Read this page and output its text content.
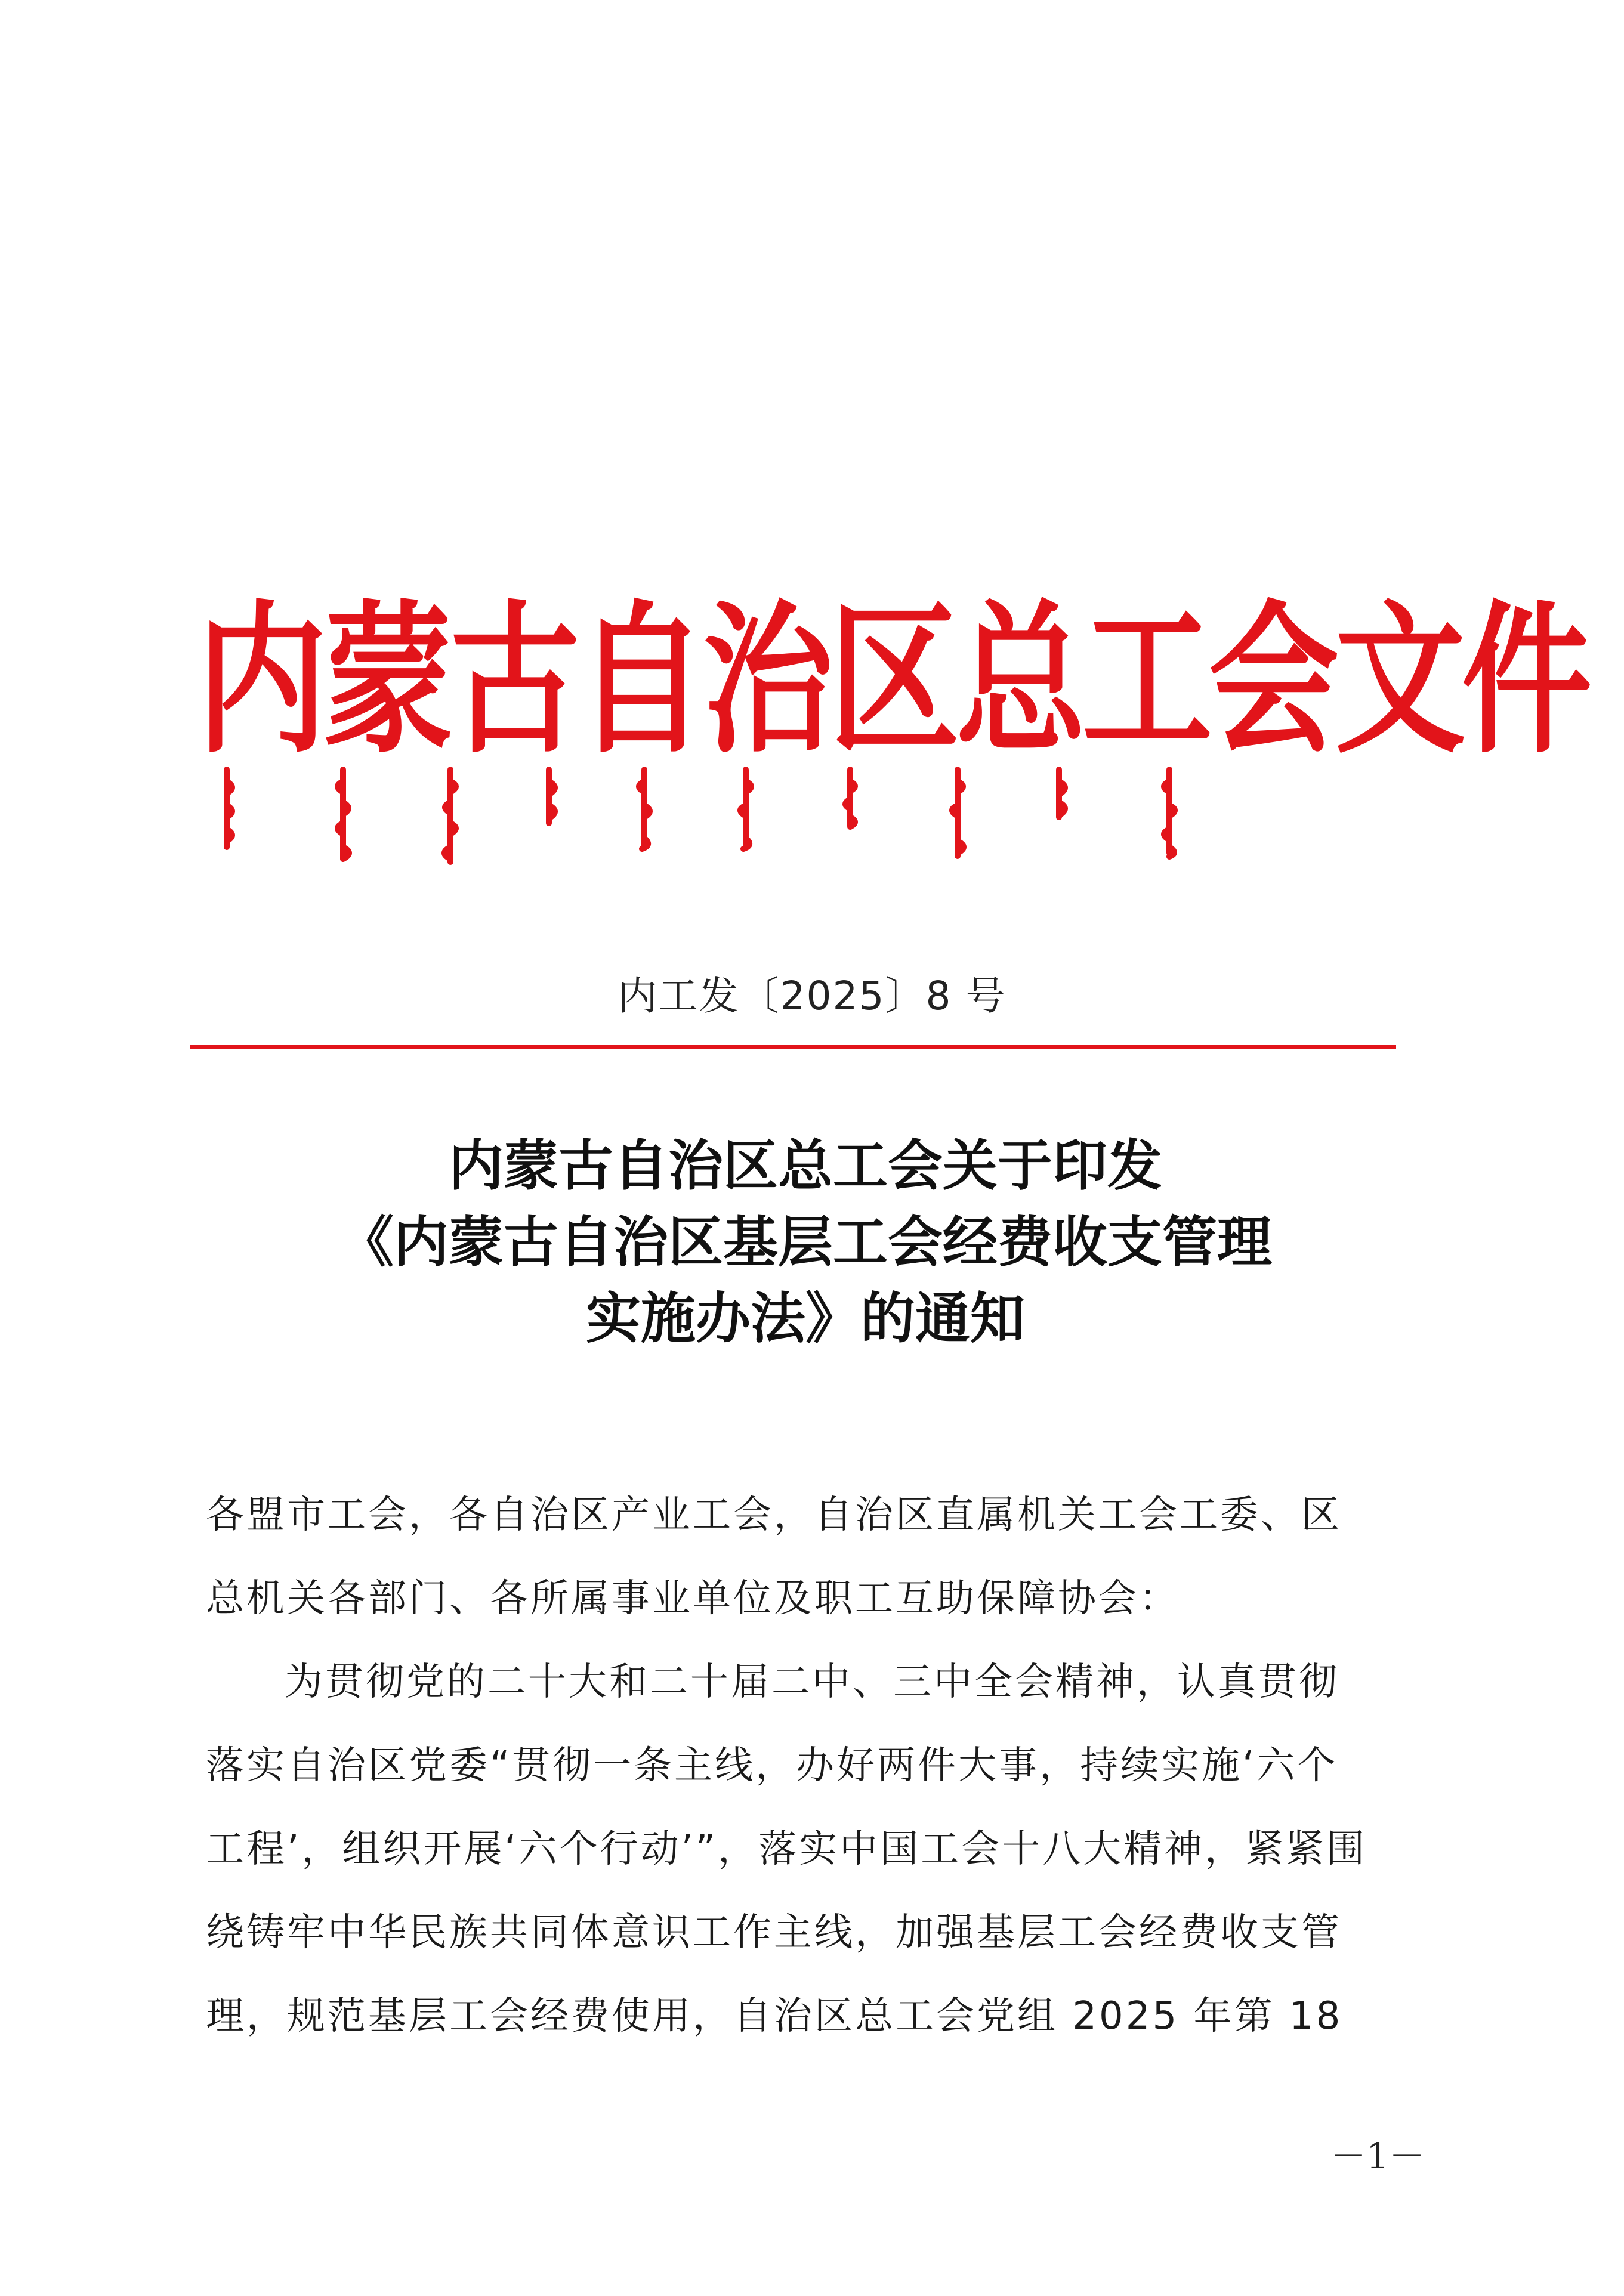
内蒙古自治区总工会文件
内工发〔2025〕8 号
内蒙古自治区总工会关于印发
《内蒙古自治区基层工会经费收支管理
实施办法》的通知
各盟市工会，各自治区产业工会，自治区直属机关工会工委、区
总机关各部门、各所属事业单位及职工互助保障协会：
为贯彻党的二十大和二十届二中、三中全会精神，认真贯彻
落实自治区党委“贯彻一条主线，办好两件大事，持续实施‘六个
工程’，组织开展‘六个行动’”，落实中国工会十八大精神，紧紧围
绕铸牢中华民族共同体意识工作主线，加强基层工会经费收支管
理，规范基层工会经费使用，自治区总工会党组 2025 年第 18
－1－
